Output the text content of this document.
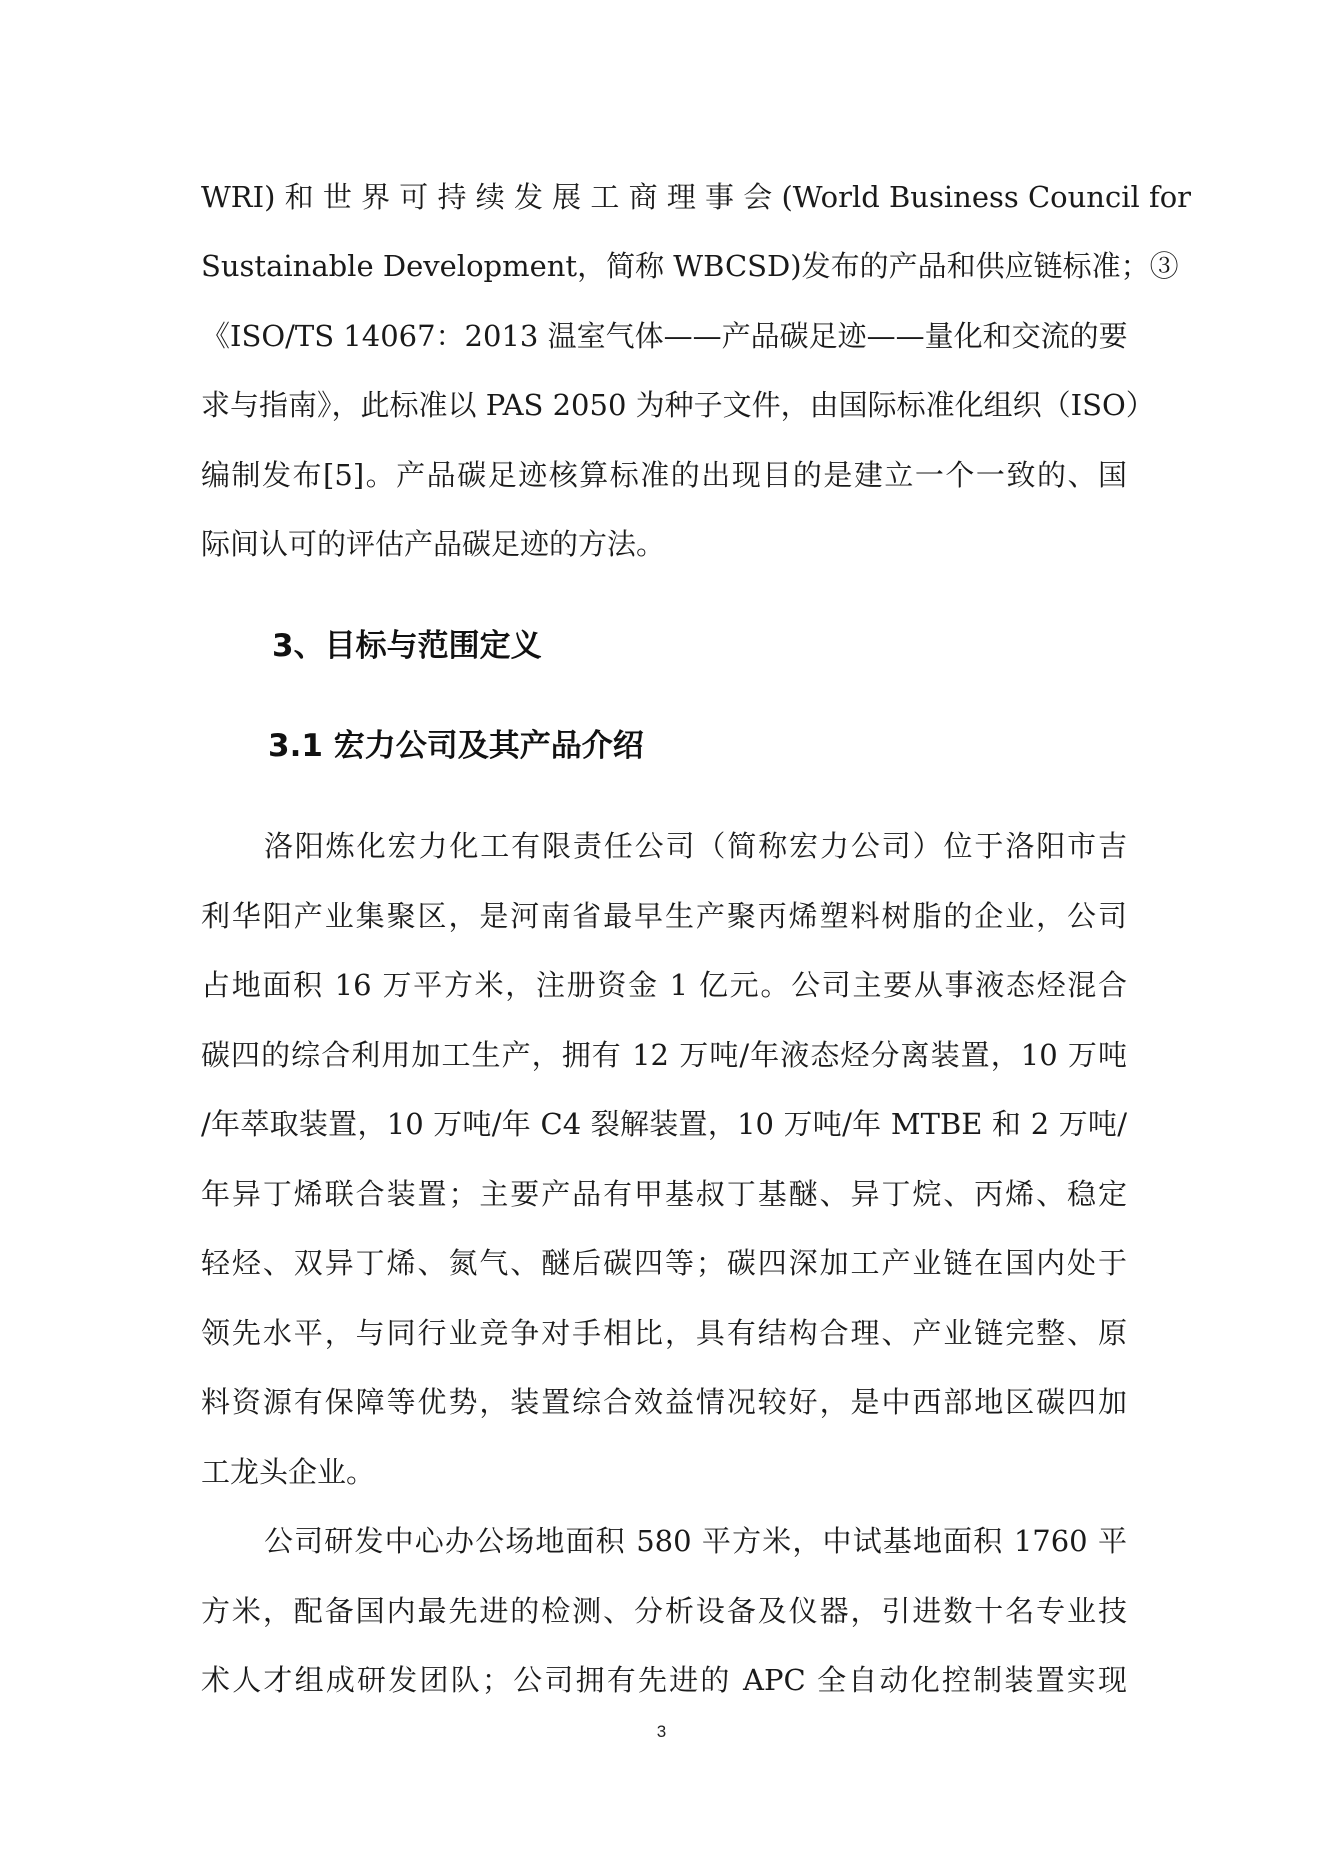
WRI) 和 世 界 可 持 续 发 展 工 商 理 事 会 (World Business Council for
Sustainable Development，简称 WBCSD)发布的产品和供应链标准；③
《ISO/TS 14067：2013 温室气体——产品碳足迹——量化和交流的要
求与指南》，此标准以 PAS 2050 为种子文件，由国际标准化组织（ISO）
编制发布[5]。产品碳足迹核算标准的出现目的是建立一个一致的、国
际间认可的评估产品碳足迹的方法。
3、目标与范围定义
3.1 宏力公司及其产品介绍
洛阳炼化宏力化工有限责任公司（简称宏力公司）位于洛阳市吉
利华阳产业集聚区，是河南省最早生产聚丙烯塑料树脂的企业，公司
占地面积 16 万平方米，注册资金 1 亿元。公司主要从事液态烃混合
碳四的综合利用加工生产，拥有 12 万吨/年液态烃分离装置，10 万吨
/年萃取装置，10 万吨/年 C4 裂解装置，10 万吨/年 MTBE 和 2 万吨/
年异丁烯联合装置；主要产品有甲基叔丁基醚、异丁烷、丙烯、稳定
轻烃、双异丁烯、氮气、醚后碳四等；碳四深加工产业链在国内处于
领先水平，与同行业竞争对手相比，具有结构合理、产业链完整、原
料资源有保障等优势，装置综合效益情况较好，是中西部地区碳四加
工龙头企业。
公司研发中心办公场地面积 580 平方米，中试基地面积 1760 平
方米，配备国内最先进的检测、分析设备及仪器，引进数十名专业技
术人才组成研发团队；公司拥有先进的 APC 全自动化控制装置实现
3
